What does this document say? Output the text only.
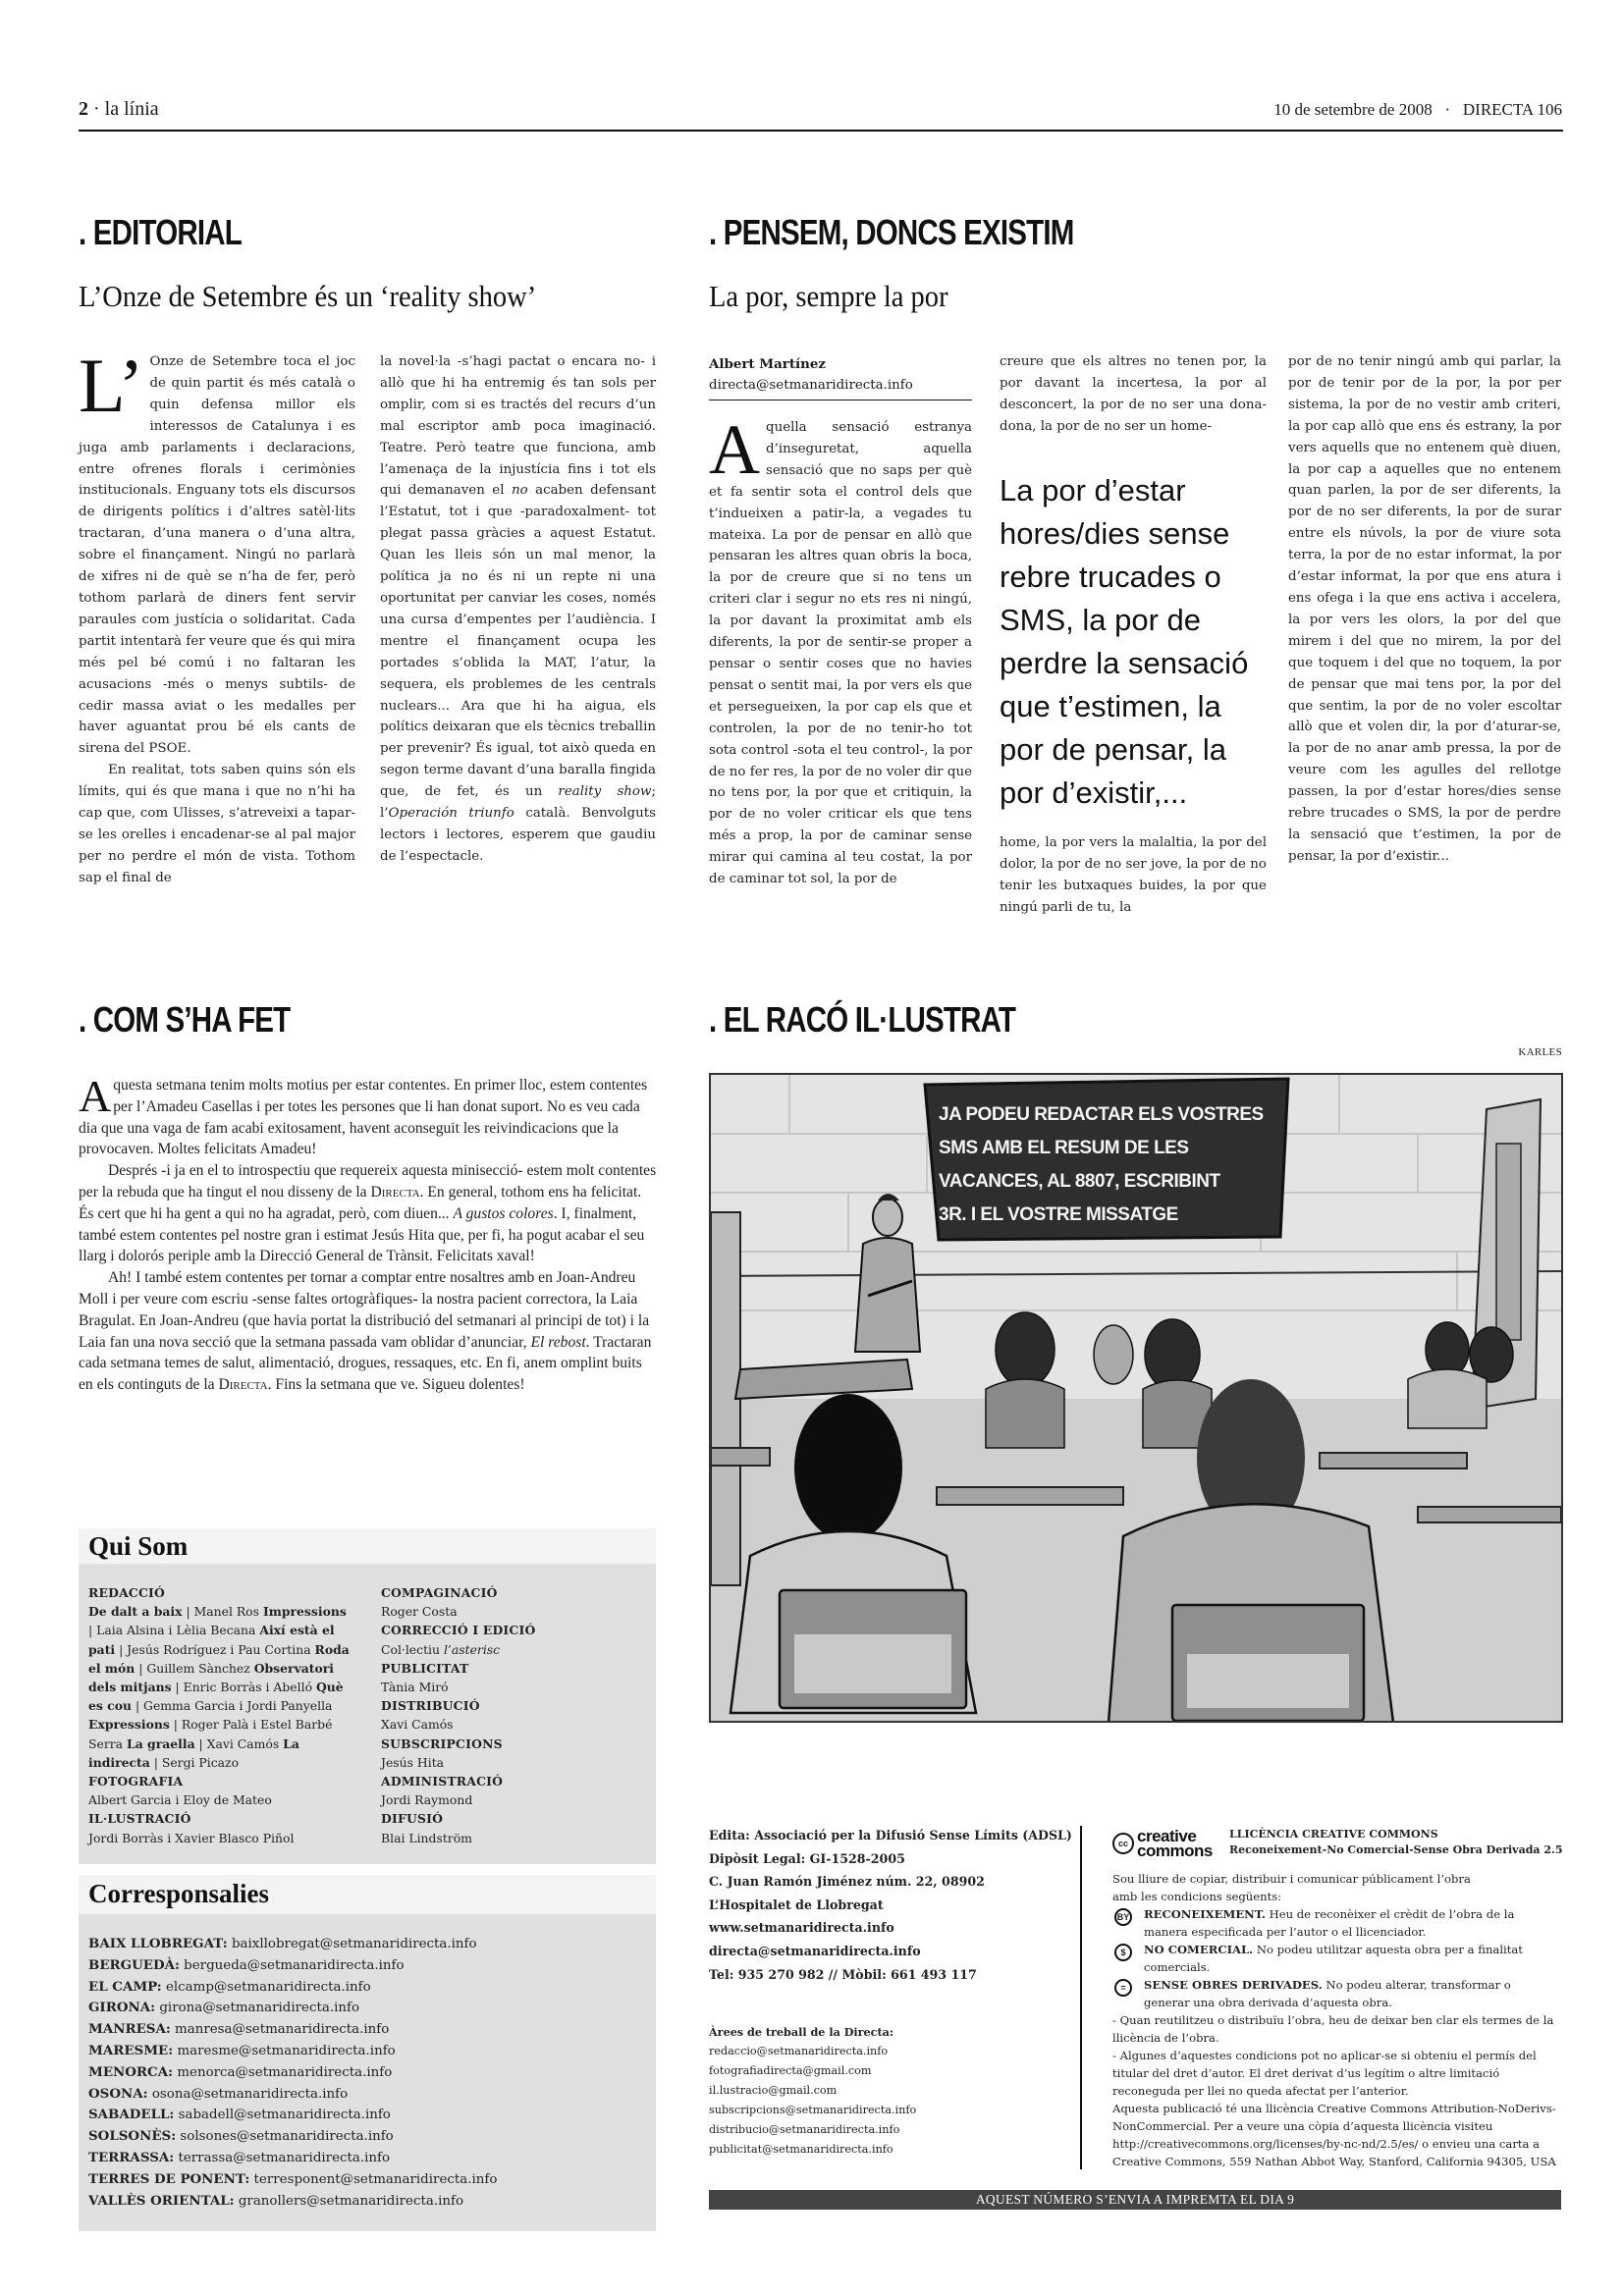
2 · la línia	10 de setembre de 2008 · DIRECTA 106
. EDITORIAL
L’Onze de Setembre és un ‘reality show’

L’ Onze de Setembre toca el joc de quin partit és més català o quin defensa millor els interessos de Catalunya i es juga amb parlaments i declaracions, entre ofrenes florals i cerimònies institucionals. Enguany tots els discursos de dirigents polítics i d’altres satèl·lits tractaran, d’una manera o d’una altra, sobre el finançament. Ningú no parlarà de xifres ni de què se n’ha de fer, però tothom parlarà de diners fent servir paraules com justícia o solidaritat. Cada partit intentarà fer veure que és qui mira més pel bé comú i no faltaran les acusacions -més o menys subtils- de cedir massa aviat o les medalles per haver aguantat prou bé els cants de sirena del PSOE.

En realitat, tots saben quins són els límits, qui és que mana i que no n’hi ha cap que, com Ulisses, s’atreveixi a tapar-se les orelles i encadenar-se al pal major per no perdre el món de vista. Tothom sap el final de

la novel·la -s’hagi pactat o encara no- i allò que hi ha entremig és tan sols per omplir, com si es tractés del recurs d’un mal escriptor amb poca imaginació. Teatre. Però teatre que funciona, amb l’amenaça de la injustícia fins i tot els qui demanaven el no acaben defensant l’Estatut, tot i que -paradoxalment- tot plegat passa gràcies a aquest Estatut. Quan les lleis són un mal menor, la política ja no és ni un repte ni una oportunitat per canviar les coses, només una cursa d’empentes per l’audiència. I mentre el finançament ocupa les portades s’oblida la MAT, l’atur, la sequera, els problemes de les centrals nuclears... Ara que hi ha aigua, els polítics deixaran que els tècnics treballin per prevenir? És igual, tot això queda en segon terme davant d’una baralla fingida que, de fet, és un reality show; l’Operación triunfo català. Benvolguts lectors i lectores, esperem que gaudiu de l’espectacle.

. PENSEM, DONCS EXISTIM
La por, sempre la por
Albert Martínez
directa@setmanaridirecta.info

Aquella sensació estranya d’inseguretat, aquella sensació que no saps per què et fa sentir sota el control dels que t’indueixen a patir-la, a vegades tu mateixa. La por de pensar en allò que pensaran les altres quan obris la boca, la por de creure que si no tens un criteri clar i segur no ets res ni ningú, la por davant la proximitat amb els diferents, la por de sentir-se proper a pensar o sentir coses que no havies pensat o sentit mai, la por vers els que et persegueixen, la por cap els que et controlen, la por de no tenir-ho tot sota control -sota el teu control-, la por de no fer res, la por de no voler dir que no tens por, la por que et critiquin, la por de no voler criticar els que tens més a prop, la por de caminar sense mirar qui camina al teu costat, la por de caminar tot sol, la por de

creure que els altres no tenen por, la por davant la incertesa, la por al desconcert, la por de no ser una dona-dona, la por de no ser un home-
La por d’estar hores/dies sense rebre trucades o SMS, la por de perdre la sensació que t’estimen, la por de pensar, la por d’existir,...
home, la por vers la malaltia, la por del dolor, la por de no ser jove, la por de no tenir les butxaques buides, la por que ningú parli de tu, la
por de no tenir ningú amb qui parlar, la por de tenir por de la por, la por per sistema, la por de no vestir amb criteri, la por cap allò que ens és estrany, la por vers aquells que no entenem què diuen, la por cap a aquelles que no entenem quan parlen, la por de ser diferents, la por de no ser diferents, la por de surar entre els núvols, la por de viure sota terra, la por de no estar informat, la por d’estar informat, la por que ens atura i ens ofega i la que ens activa i accelera, la por vers les olors, la por del que mirem i del que no mirem, la por del que toquem i del que no toquem, la por de pensar que mai tens por, la por del que sentim, la por de no voler escoltar allò que et volen dir, la por d’aturar-se, la por de no anar amb pressa, la por de veure com les agulles del rellotge passen, la por d’estar hores/dies sense rebre trucades o SMS, la por de perdre la sensació que t’estimen, la por de pensar, la por d’existir...
. COM S’HA FET

Aquesta setmana tenim molts motius per estar contentes. En primer lloc, estem contentes per l’Amadeu Casellas i per totes les persones que li han donat suport. No es veu cada dia que una vaga de fam acabi exitosament, havent aconseguit les reivindicacions que la provocaven. Moltes felicitats Amadeu!

Després -i ja en el to introspectiu que requereix aquesta minisecció- estem molt contentes per la rebuda que ha tingut el nou disseny de la Directa. En general, tothom ens ha felicitat. És cert que hi ha gent a qui no ha agradat, però, com diuen... A gustos colores. I, finalment, també estem contentes pel nostre gran i estimat Jesús Hita que, per fi, ha pogut acabar el seu llarg i dolorós periple amb la Direcció General de Trànsit. Felicitats xaval!

Ah! I també estem contentes per tornar a comptar entre nosaltres amb en Joan-Andreu Moll i per veure com escriu -sense faltes ortogràfiques- la nostra pacient correctora, la Laia Bragulat. En Joan-Andreu (que havia portat la distribució del setmanari al principi de tot) i la Laia fan una nova secció que la setmana passada vam oblidar d’anunciar, El rebost. Tractaran cada setmana temes de salut, alimentació, drogues, ressaques, etc. En fi, anem omplint buits en els continguts de la Directa. Fins la setmana que ve. Sigueu dolentes!

. EL RACÓ IL·LUSTRAT
KARLES
JA PODEU REDACTAR ELS VOSTRES
SMS AMB EL RESUM DE LES
VACANCES, AL 8807, ESCRIBINT
3R. I EL VOSTRE MISSATGE
Qui Som
REDACCIÓ
De dalt a baix | Manel Ros Impressions | Laia Alsina i Lèlia Becana Així està el pati | Jesús Rodríguez i Pau Cortina Roda el món | Guillem Sànchez Observatori dels mitjans | Enric Borràs i Abelló Què es cou | Gemma Garcia i Jordi Panyella Expressions | Roger Palà i Estel Barbé Serra La graella | Xavi Camós La indirecta | Sergi Picazo
FOTOGRAFIA
Albert Garcia i Eloy de Mateo
IL·LUSTRACIÓ
Jordi Borràs i Xavier Blasco Piñol
COMPAGINACIÓ
Roger Costa
CORRECCIÓ I EDICIÓ
Col·lectiu l’asterisc
PUBLICITAT
Tània Miró
DISTRIBUCIÓ
Xavi Camós
SUBSCRIPCIONS
Jesús Hita
ADMINISTRACIÓ
Jordi Raymond
DIFUSIÓ
Blai Lindström
Corresponsalies
BAIX LLOBREGAT: baixllobregat@setmanaridirecta.info
BERGUEDÀ: bergueda@setmanaridirecta.info
EL CAMP: elcamp@setmanaridirecta.info
GIRONA: girona@setmanaridirecta.info
MANRESA: manresa@setmanaridirecta.info
MARESME: maresme@setmanaridirecta.info
MENORCA: menorca@setmanaridirecta.info
OSONA: osona@setmanaridirecta.info
SABADELL: sabadell@setmanaridirecta.info
SOLSONÈS: solsones@setmanaridirecta.info
TERRASSA: terrassa@setmanaridirecta.info
TERRES DE PONENT: terresponent@setmanaridirecta.info
VALLÈS ORIENTAL: granollers@setmanaridirecta.info
Edita: Associació per la Difusió Sense Límits (ADSL)
Dipòsit Legal: GI-1528-2005
C. Juan Ramón Jiménez núm. 22, 08902
L’Hospitalet de Llobregat
www.setmanaridirecta.info
directa@setmanaridirecta.info
Tel: 935 270 982 // Mòbil: 661 493 117
Àrees de treball de la Directa:
redaccio@setmanaridirecta.info
fotografiadirecta@gmail.com
il.lustracio@gmail.com
subscripcions@setmanaridirecta.info
distribucio@setmanaridirecta.info
publicitat@setmanaridirecta.info
cc creative
commons
LLICÈNCIA CREATIVE COMMONS
Reconeixement-No Comercial-Sense Obra Derivada 2.5
Sou lliure de copiar, distribuir i comunicar públicament l’obra amb les condicions següents:
BY RECONEIXEMENT. Heu de reconèixer el crèdit de l’obra de la manera especificada per l’autor o el llicenciador.
$	NO COMERCIAL. No podeu utilitzar aquesta obra per a finalitat comercials.
=	SENSE OBRES DERIVADES. No podeu alterar, transformar o generar una obra derivada d’aquesta obra.
- Quan reutilitzeu o distribuïu l’obra, heu de deixar ben clar els termes de la llicència de l’obra.
- Algunes d’aquestes condicions pot no aplicar-se si obteniu el permís del titular del dret d’autor. El dret derivat d’us legítim o altre limitació reconeguda per llei no queda afectat per l’anterior.
Aquesta publicació té una llicència Creative Commons Attribution-NoDerivs- NonCommercial. Per a veure una còpia d’aquesta llicència visiteu http://creativecommons.org/licenses/by-nc-nd/2.5/es/ o envieu una carta a Creative Commons, 559 Nathan Abbot Way, Stanford, California 94305, USA
AQUEST NÚMERO S’ENVIA A IMPREMTA EL DIA 9
